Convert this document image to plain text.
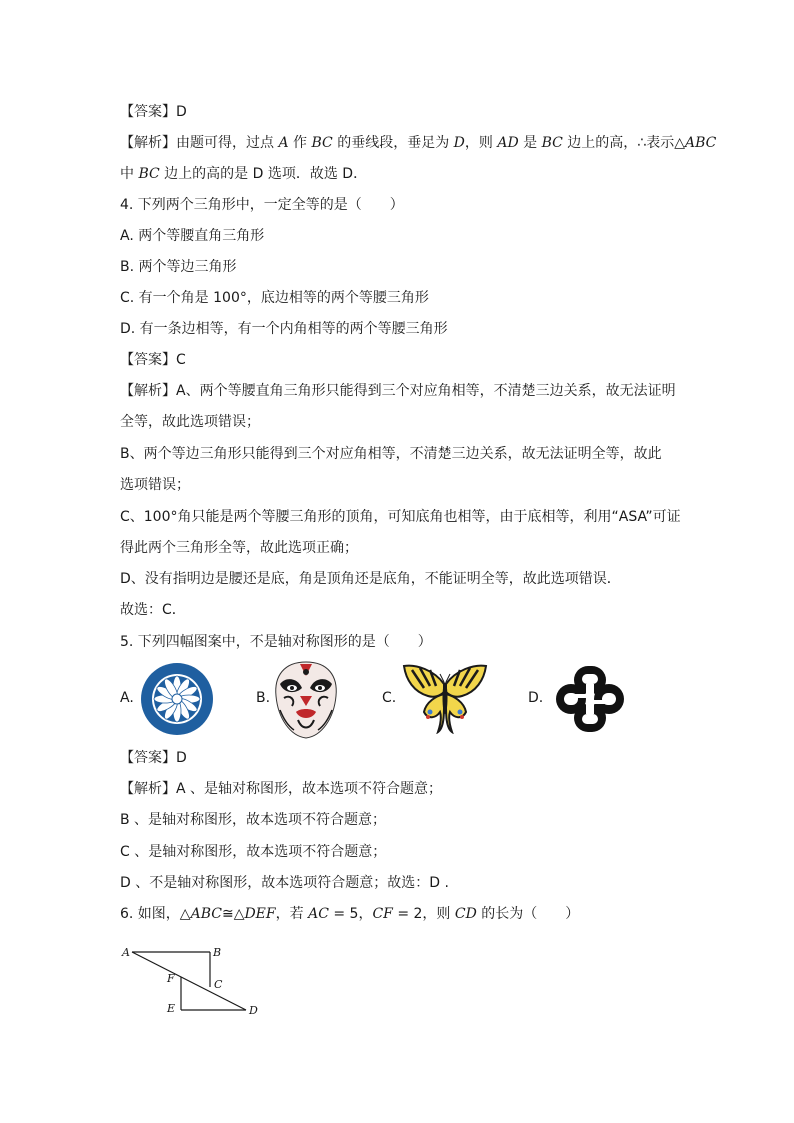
【答案】D
【解析】由题可得，过点 A 作 BC 的垂线段，垂足为 D，则 AD 是 BC 边上的高，∴表示△ABC
中 BC 边上的高的是 D 选项．故选 D．
4. 下列两个三角形中，一定全等的是（　　）
A. 两个等腰直角三角形
B. 两个等边三角形
C. 有一个角是 100°，底边相等的两个等腰三角形
D. 有一条边相等，有一个内角相等的两个等腰三角形
【答案】C
【解析】A、两个等腰直角三角形只能得到三个对应角相等，不清楚三边关系，故无法证明
全等，故此选项错误；
B、两个等边三角形只能得到三个对应角相等，不清楚三边关系，故无法证明全等，故此
选项错误；
C、100°角只能是两个等腰三角形的顶角，可知底角也相等，由于底相等，利用“ASA”可证
得此两个三角形全等，故此选项正确；
D、没有指明边是腰还是底，角是顶角还是底角，不能证明全等，故此选项错误．
故选：C．
5. 下列四幅图案中，不是轴对称图形的是（　　）
A.	B.	C.	D.
【答案】D
【解析】A 、是轴对称图形，故本选项不符合题意；
B 、是轴对称图形，故本选项不符合题意；
C 、是轴对称图形，故本选项不符合题意；
D 、不是轴对称图形，故本选项符合题意；故选：D .
6. 如图，△ABC≅△DEF，若 AC = 5，CF = 2，则 CD 的长为（　　）
A	B
C
F
E	D
